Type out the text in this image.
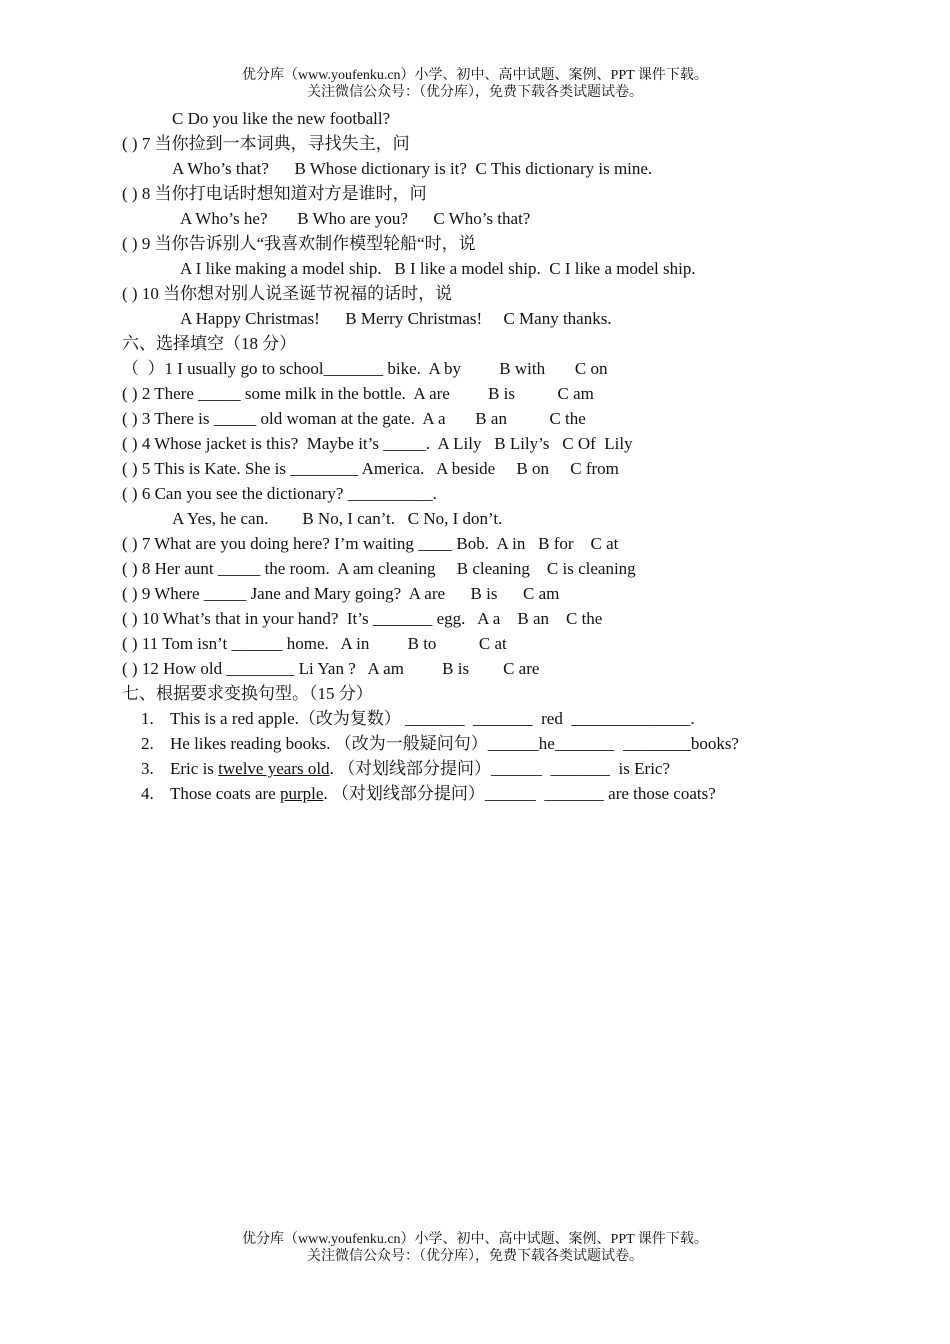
优分库（www.youfenku.cn）小学、初中、高中试题、案例、PPT 课件下载。
关注微信公众号：（优分库），免费下载各类试题试卷。
C Do you like the new football?
( ) 7 当你捡到一本词典，寻找失主，问
A Who’s that?      B Whose dictionary is it?  C This dictionary is mine.
( ) 8 当你打电话时想知道对方是谁时，问
A Who’s he?       B Who are you?      C Who’s that?
( ) 9 当你告诉别人“我喜欢制作模型轮船“时，说
A I like making a model ship.   B I like a model ship.  C I like a model ship.
( ) 10 当你想对别人说圣诞节祝福的话时，说
A Happy Christmas!      B Merry Christmas!     C Many thanks.
六、选择填空（18 分）
（  ）1 I usually go to school_______ bike.  A by         B with       C on
( ) 2 There _____ some milk in the bottle.  A are         B is          C am
( ) 3 There is _____ old woman at the gate.  A a       B an          C the
( ) 4 Whose jacket is this?  Maybe it’s _____.  A Lily   B Lily’s   C Of  Lily
( ) 5 This is Kate. She is ________ America.   A beside     B on     C from
( ) 6 Can you see the dictionary? __________.
A Yes, he can.        B No, I can’t.   C No, I don’t.
( ) 7 What are you doing here? I’m waiting ____ Bob.  A in   B for    C at
( ) 8 Her aunt _____ the room.  A am cleaning     B cleaning    C is cleaning
( ) 9 Where _____ Jane and Mary going?  A are      B is      C am
( ) 10 What’s that in your hand?  It’s _______ egg.   A a    B an    C the
( ) 11 Tom isn’t ______ home.   A in         B to          C at
( ) 12 How old ________ Li Yan ?   A am         B is        C are
七、根据要求变换句型。（15 分）
1. This is a red apple.（改为复数） _______  _______  red  ______________.
2. He likes reading books. （改为一般疑问句）______he_______  ________books?
3. Eric is twelve years old. （对划线部分提问）______  _______  is Eric?
4. Those coats are purple. （对划线部分提问）______  _______ are those coats?
优分库（www.youfenku.cn）小学、初中、高中试题、案例、PPT 课件下载。
关注微信公众号：（优分库），免费下载各类试题试卷。
